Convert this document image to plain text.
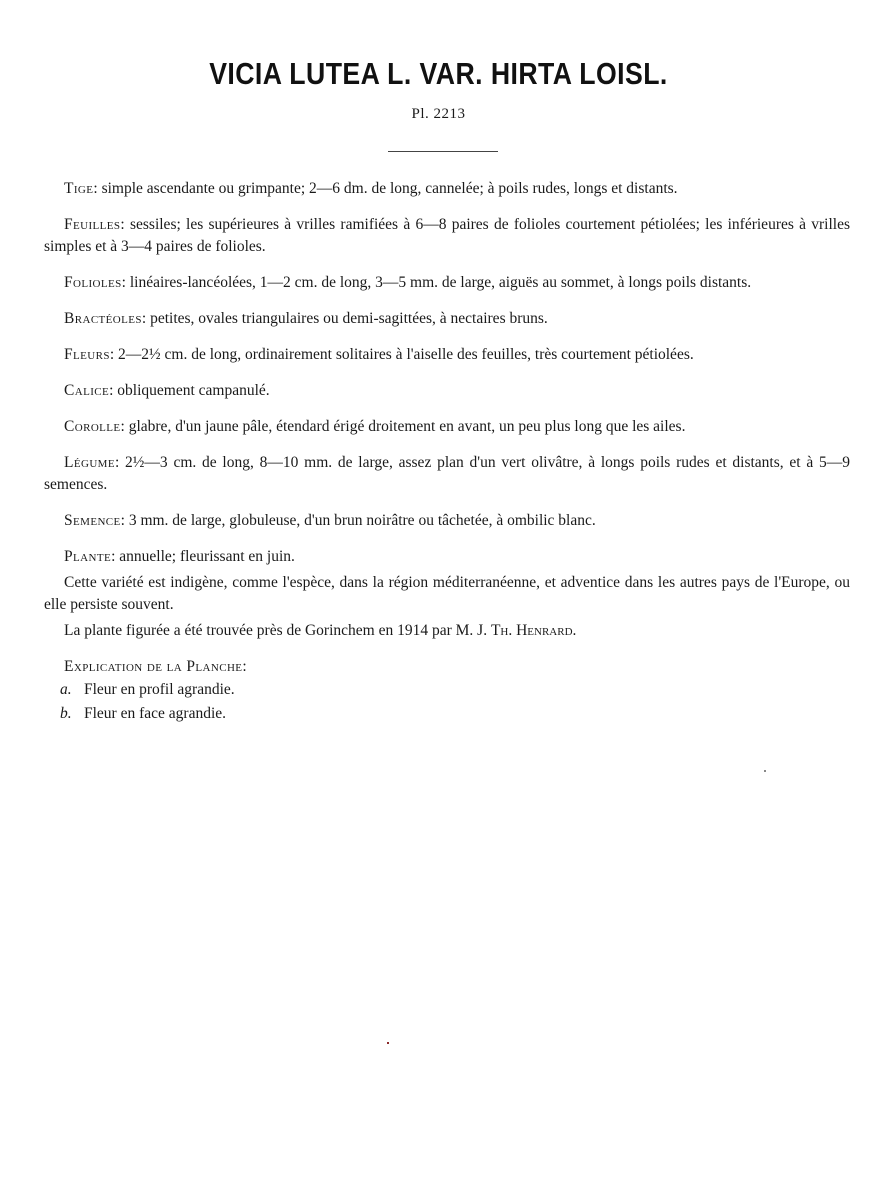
VICIA LUTEA L. VAR. HIRTA LOISL.
Pl. 2213

Tige: simple ascendante ou grimpante; 2—6 dm. de long, cannelée; à poils rudes, longs et distants.

Feuilles: sessiles; les supérieures à vrilles ramifiées à 6—8 paires de folioles courtement pétiolées; les inférieures à vrilles simples et à 3—4 paires de folioles.

Folioles: linéaires-lancéolées, 1—2 cm. de long, 3—5 mm. de large, aiguës au sommet, à longs poils distants.

Bractéoles: petites, ovales triangulaires ou demi-sagittées, à nectaires bruns.

Fleurs: 2—2½ cm. de long, ordinairement solitaires à l'aiselle des feuilles, très courtement pétiolées.

Calice: obliquement campanulé.

Corolle: glabre, d'un jaune pâle, étendard érigé droitement en avant, un peu plus long que les ailes.

Légume: 2½—3 cm. de long, 8—10 mm. de large, assez plan d'un vert olivâtre, à longs poils rudes et distants, et à 5—9 semences.

Semence: 3 mm. de large, globuleuse, d'un brun noirâtre ou tâchetée, à ombilic blanc.

Plante: annuelle; fleurissant en juin.

Cette variété est indigène, comme l'espèce, dans la région méditerranéenne, et adventice dans les autres pays de l'Europe, ou elle persiste souvent.

La plante figurée a été trouvée près de Gorinchem en 1914 par M. J. Th. Henrard.

Explication de la Planche:

a. Fleur en profil agrandie.

b. Fleur en face agrandie.
